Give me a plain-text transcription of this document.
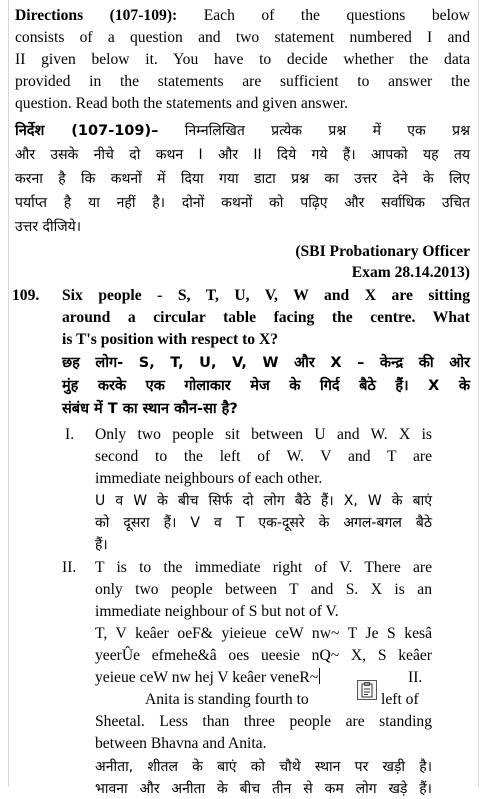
Directions (107-109): Each of the questions below
consists of a question and two statement numbered I and
II given below it. You have to decide whether the data
provided in the statements are sufficient to answer the
question. Read both the statements and given answer.
निर्देश (107-109)– निम्नलिखित प्रत्येक प्रश्न में एक प्रश्न
और उसके नीचे दो कथन I और II दिये गये हैं। आपको यह तय
करना है कि कथनों में दिया गया डाटा प्रश्न का उत्तर देने के लिए
पर्याप्त है या नहीं है। दोनों कथनों को पढ़िए और सर्वाधिक उचित
उत्तर दीजिये।
(SBI Probationary Officer
Exam 28.14.2013)
109. Six people - S, T, U, V, W and X are sitting
around a circular table facing the centre. What
is T's position with respect to X?
छह लोग- S, T, U, V, W और X – केन्द्र की ओर
मुंह करके एक गोलाकार मेज के गिर्द बैठे हैं। X के
संबंध में T का स्थान कौन-सा है?
I. Only two people sit between U and W. X is
second to the left of W. V and T are
immediate neighbours of each other.
U व W के बीच सिर्फ दो लोग बैठे हैं। X, W के बाएं
को दूसरा हैं। V व T एक-दूसरे के अगल-बगल बैठे
हैं।
II. T is to the immediate right of V. There are
only two people between T and S. X is an
immediate neighbour of S but not of V.
T, V keâer oeF& yieieue ceW nw~ T Je S kesâ
yeerÛe efmehe&â oes ueesie nQ~ X, S keâer
yeieue ceW nw hej V keâer veneR~	II.
Anita is standing fourth to	left of
Sheetal. Less than three people are standing
between Bhavna and Anita.
अनीता, शीतल के बाएं को चौथे स्थान पर खड़ी है।
भावना और अनीता के बीच तीन से कम लोग खड़े हैं।
